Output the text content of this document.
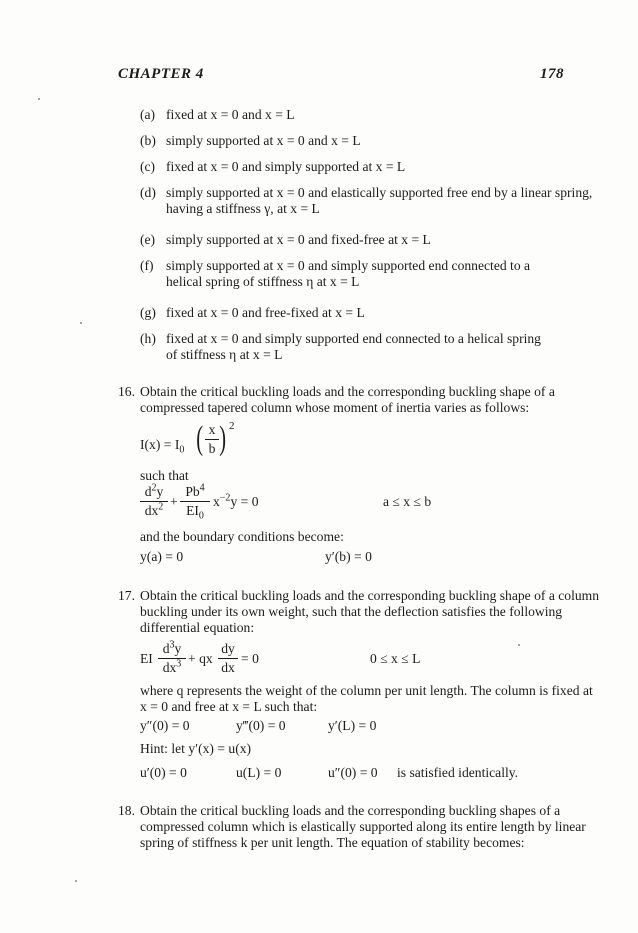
CHAPTER 4	178
(a) fixed at x = 0 and x = L
(b) simply supported at x = 0 and x = L
(c) fixed at x = 0 and simply supported at x = L
(d) simply supported at x = 0 and elastically supported free end by a linear spring,
having a stiffness γ, at x = L
(e) simply supported at x = 0 and fixed-free at x = L
(f) simply supported at x = 0 and simply supported end connected to a
helical spring of stiffness η at x = L
(g) fixed at x = 0 and free-fixed at x = L
(h) fixed at x = 0 and simply supported end connected to a helical spring
of stiffness η at x = L
16. Obtain the critical buckling loads and the corresponding buckling shape of a
compressed tapered column whose moment of inertia varies as follows:
$I(x) = I_0$ ( x
b ) 2
such that
$d^2y$
$dx^2$ +
$Pb^4$
$EI_0$
$x^{-2}y = 0$	a ≤ x ≤ b
and the boundary conditions become:
y(a) = 0	y′(b) = 0
17. Obtain the critical buckling loads and the corresponding buckling shape of a column
buckling under its own weight, such that the deflection satisfies the following
differential equation:
EI
$d^3y$
$dx^3$ + qx
dy
dx
= 0	0 ≤ x ≤ L
where q represents the weight of the column per unit length. The column is fixed at
x = 0 and free at x = L such that:
y″(0) = 0	y‴(0) = 0	y′(L) = 0
Hint: let y′(x) = u(x)
u′(0) = 0	u(L) = 0	u″(0) = 0 is satisfied identically.
18. Obtain the critical buckling loads and the corresponding buckling shapes of a
compressed column which is elastically supported along its entire length by linear
spring of stiffness k per unit length. The equation of stability becomes:
